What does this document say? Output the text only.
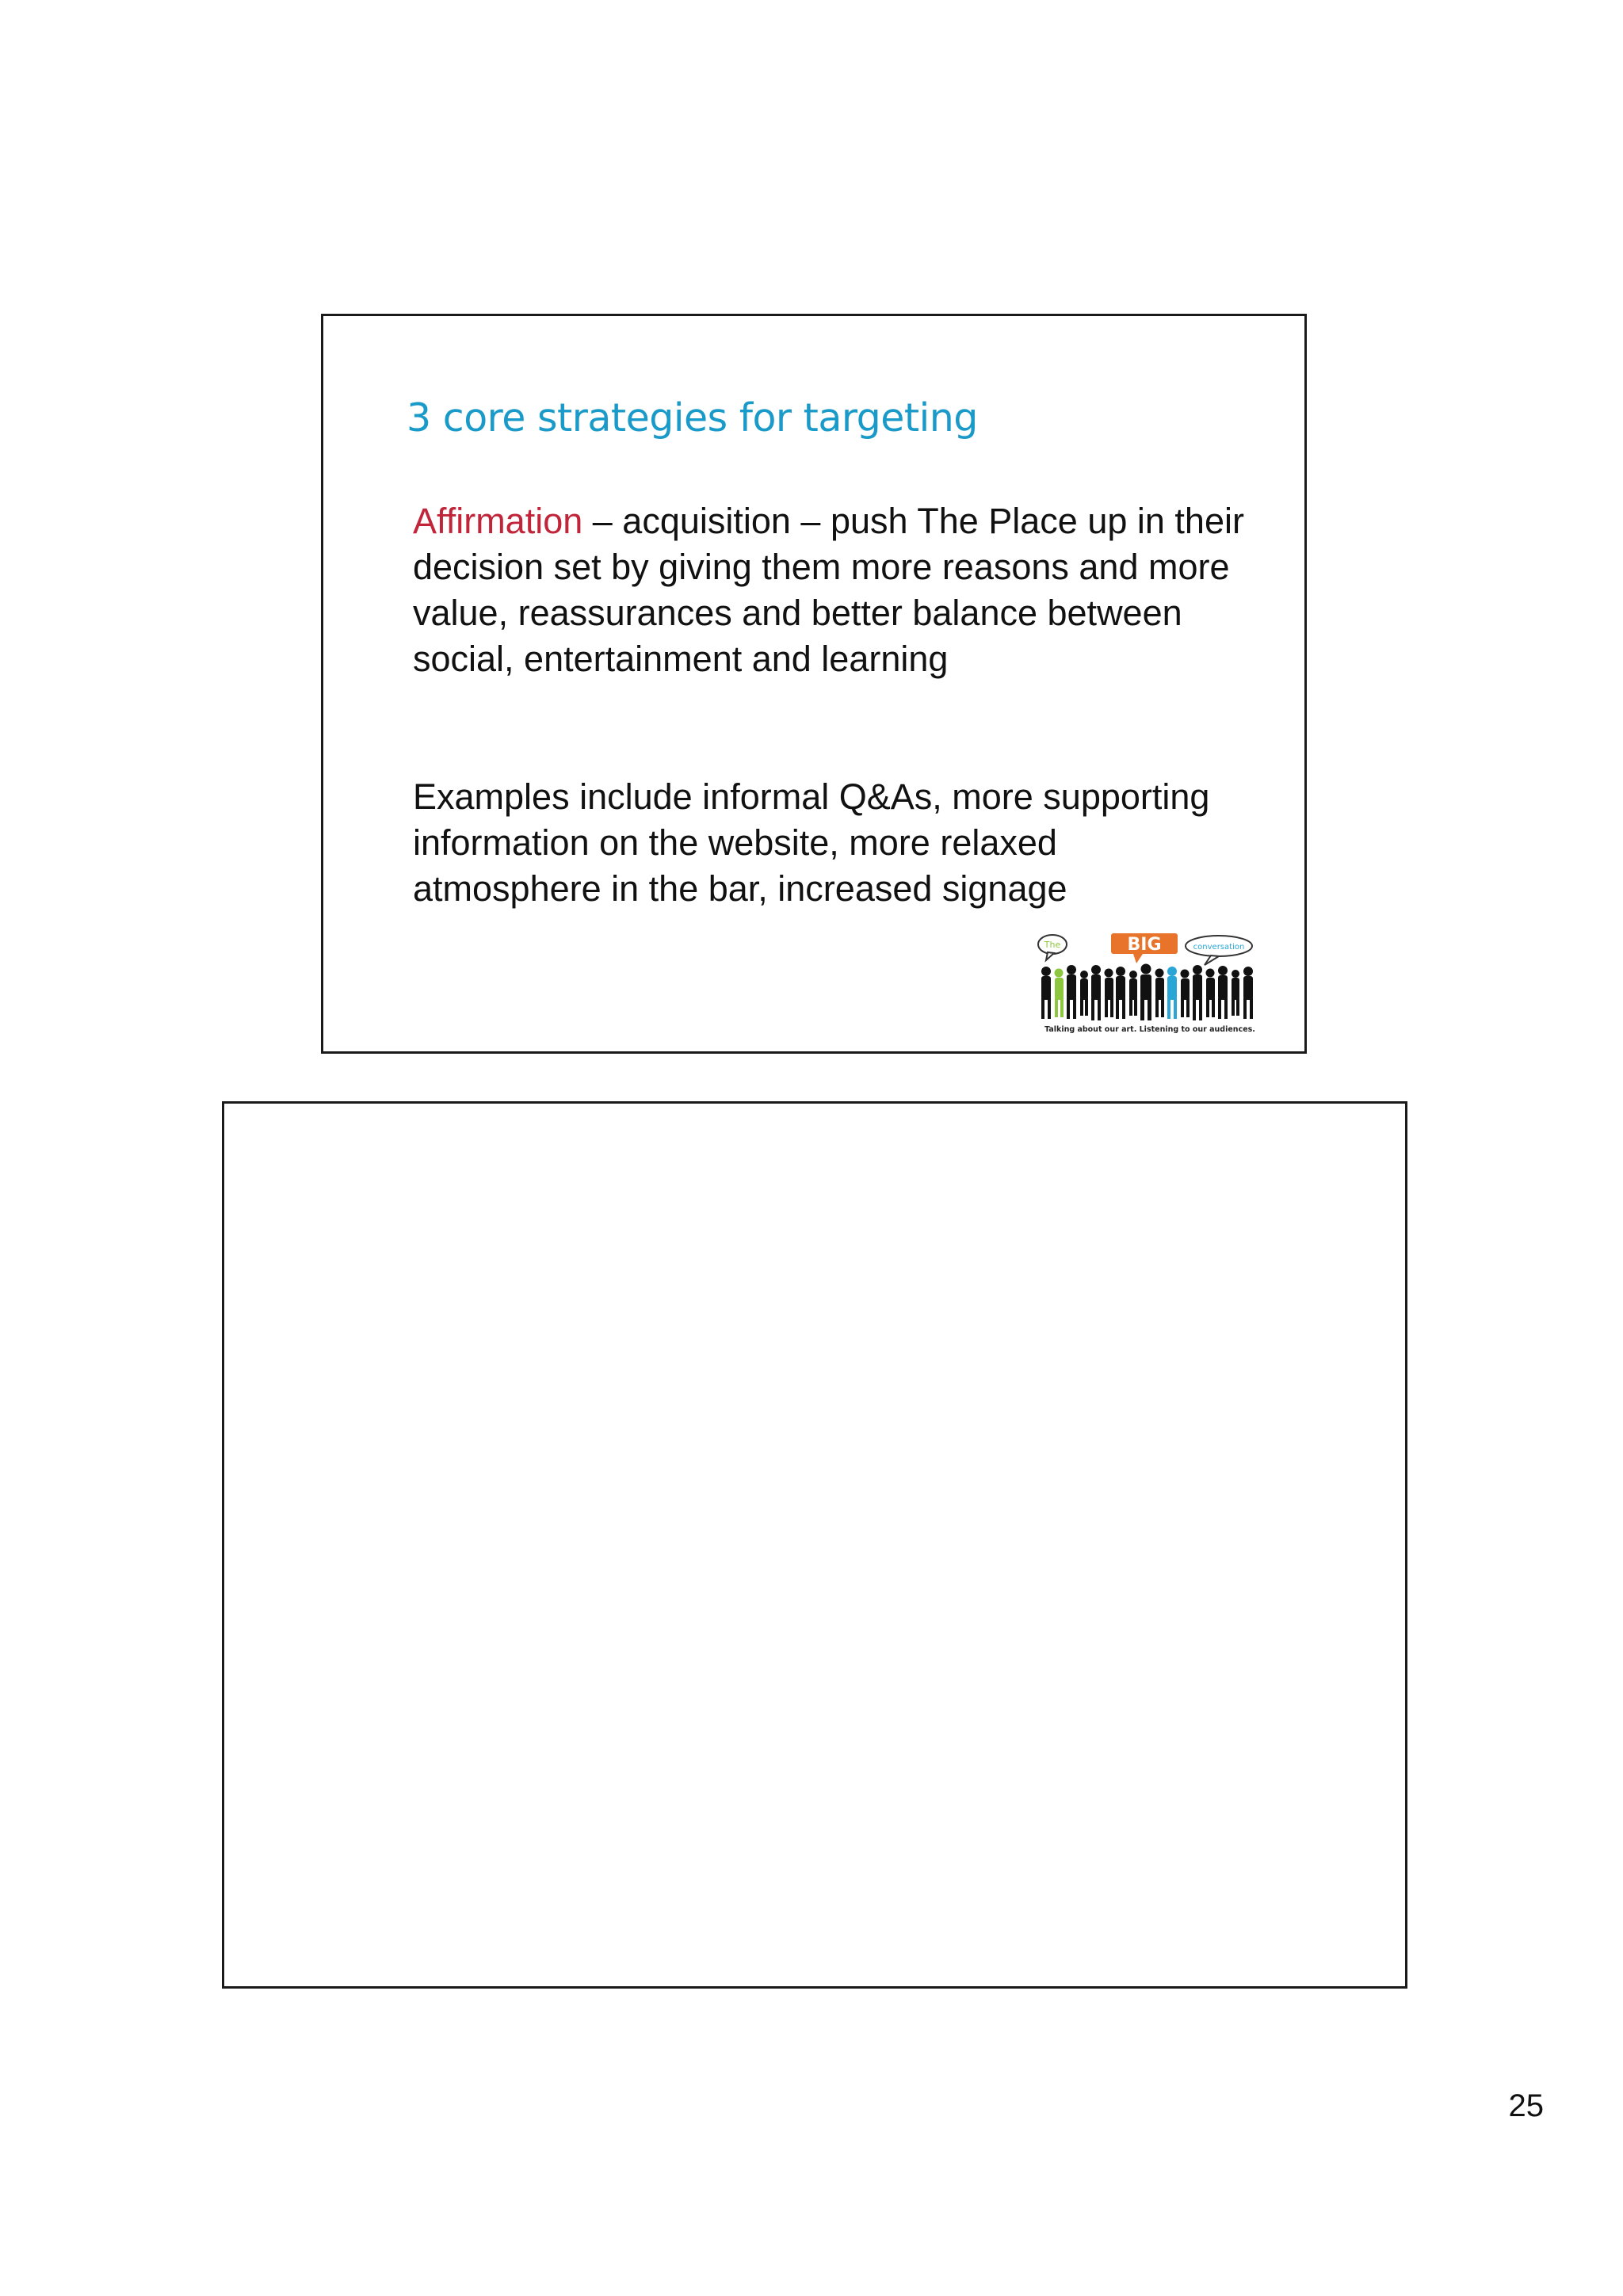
3 core strategies for targeting

Affirmation – acquisition – push The Place up in their decision set by giving them more reasons and more value, reassurances and better balance between social, entertainment and learning

Examples include informal Q&As, more supporting information on the website, more relaxed atmosphere in the bar, increased signage

The	BIG	conversation
Talking about our art. Listening to our audiences.
25
